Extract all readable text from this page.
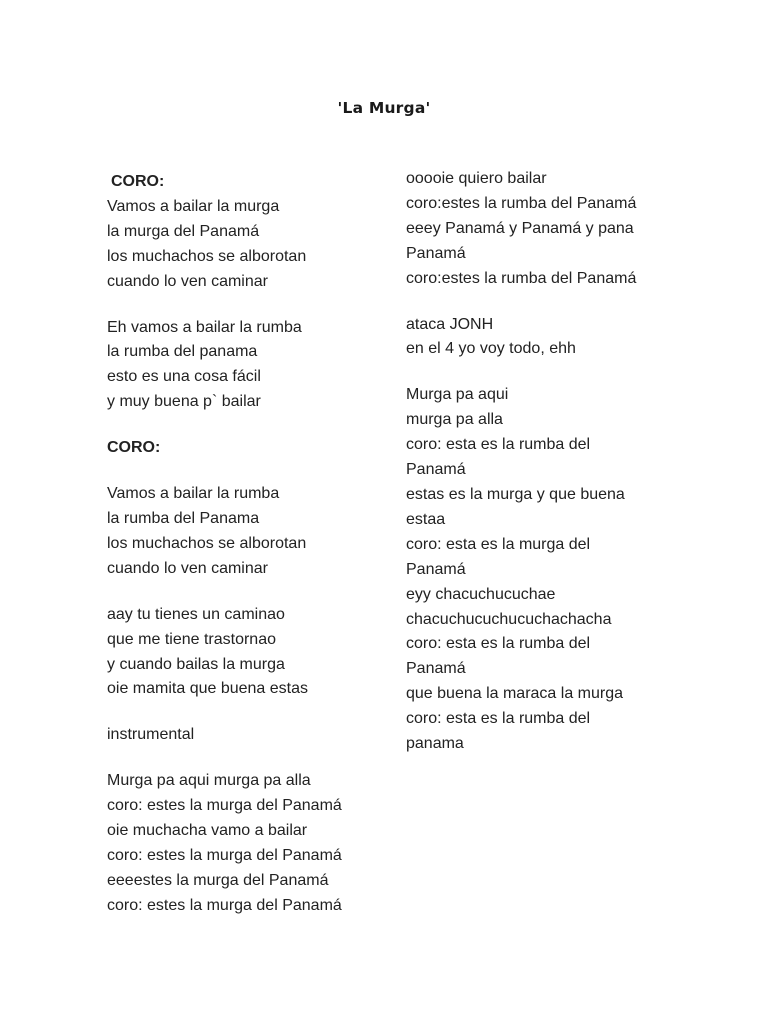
'La Murga'
CORO:
Vamos a bailar la murga
la murga del Panamá
los muchachos se alborotan
cuando lo ven caminar
Eh vamos a bailar la rumba
la rumba del panama
esto es una cosa fácil
y muy buena p` bailar
CORO:
Vamos a bailar la rumba
la rumba del Panama
los muchachos se alborotan
cuando lo ven caminar
aay tu tienes un caminao
que me tiene trastornao
y cuando bailas la murga
oie mamita que buena estas
instrumental
Murga pa aqui murga pa alla
coro: estes la murga del Panamá
oie muchacha vamo a bailar
coro: estes la murga del Panamá
eeeestes la murga del Panamá
coro: estes la murga del Panamá
ooooie quiero bailar
coro:estes la rumba del Panamá
eeey Panamá y Panamá y pana
Panamá
coro:estes la rumba del Panamá
ataca JONH
en el 4 yo voy todo, ehh
Murga pa aqui
murga pa alla
coro: esta es la rumba del
Panamá
estas es la murga y que buena
estaa
coro: esta es la murga del
Panamá
eyy chacuchucuchae
chacuchucuchucuchachacha
coro: esta es la rumba del
Panamá
que buena la maraca la murga
coro: esta es la rumba del
panama
